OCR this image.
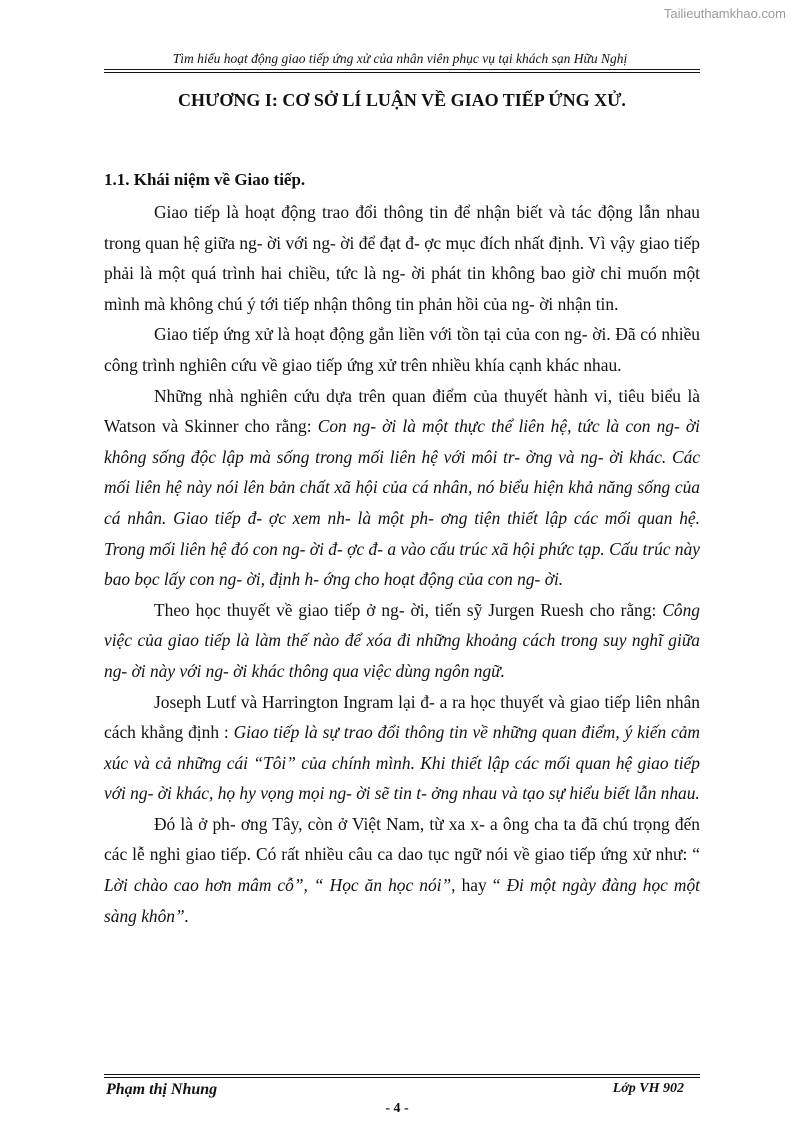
Tailieuthamkhao.com
Tìm hiểu hoạt động giao tiếp ứng xử của nhân viên phục vụ tại khách sạn Hữu Nghị
CHƯƠNG I: CƠ SỞ LÍ LUẬN VỀ GIAO TIẾP ỨNG XỬ.
1.1. Khái niệm về Giao tiếp.

Giao tiếp là hoạt động trao đổi thông tin để nhận biết và tác động lẫn nhau trong quan hệ giữa ng- ời với ng- ời để đạt đ- ợc mục đích nhất định. Vì vậy giao tiếp phải là một quá trình hai chiều, tức là ng- ời phát tin không bao giờ chỉ muốn một mình mà không chú ý tới tiếp nhận thông tin phản hồi của ng- ời nhận tin.

Giao tiếp ứng xử là hoạt động gắn liền với tồn tại của con ng- ời. Đã có nhiều công trình nghiên cứu về giao tiếp ứng xử trên nhiều khía cạnh khác nhau.

Những nhà nghiên cứu dựa trên quan điểm của thuyết hành vi, tiêu biểu là Watson và Skinner cho rằng: Con ng- ời là một thực thể liên hệ, tức là con ng- ời không sống độc lập mà sống trong mối liên hệ với môi tr- ờng và ng- ời khác. Các mối liên hệ này nói lên bản chất xã hội của cá nhân, nó biểu hiện khả năng sống của cá nhân. Giao tiếp đ- ợc xem nh- là một ph- ơng tiện thiết lập các mối quan hệ. Trong mối liên hệ đó con ng- ời đ- ợc đ- a vào cấu trúc xã hội phức tạp. Cấu trúc này bao bọc lấy con ng- ời, định h- ớng cho hoạt động của con ng- ời.

Theo học thuyết về giao tiếp ở ng- ời, tiến sỹ Jurgen Ruesh cho rằng: Công việc của giao tiếp là làm thế nào để xóa đi những khoảng cách trong suy nghĩ giữa ng- ời này với ng- ời khác thông qua việc dùng ngôn ngữ.

Joseph Lutf và Harrington Ingram lại đ- a ra học thuyết và giao tiếp liên nhân cách khẳng định : Giao tiếp là sự trao đổi thông tin về những quan điểm, ý kiến cảm xúc và cả những cái “Tôi” của chính mình. Khi thiết lập các mối quan hệ giao tiếp với ng- ời khác, họ hy vọng mọi ng- ời sẽ tin t- ởng nhau và tạo sự hiểu biết lẫn nhau.

Đó là ở ph- ơng Tây, còn ở Việt Nam, từ xa x- a ông cha ta đã chú trọng đến các lễ nghi giao tiếp. Có rất nhiều câu ca dao tục ngữ nói về giao tiếp ứng xử như: “ Lời chào cao hơn mâm cỗ”, “ Học ăn học nói”, hay “ Đi một ngày đàng học một sàng khôn”.

Phạm thị Nhung	Lớp VH 902
- 4 -
